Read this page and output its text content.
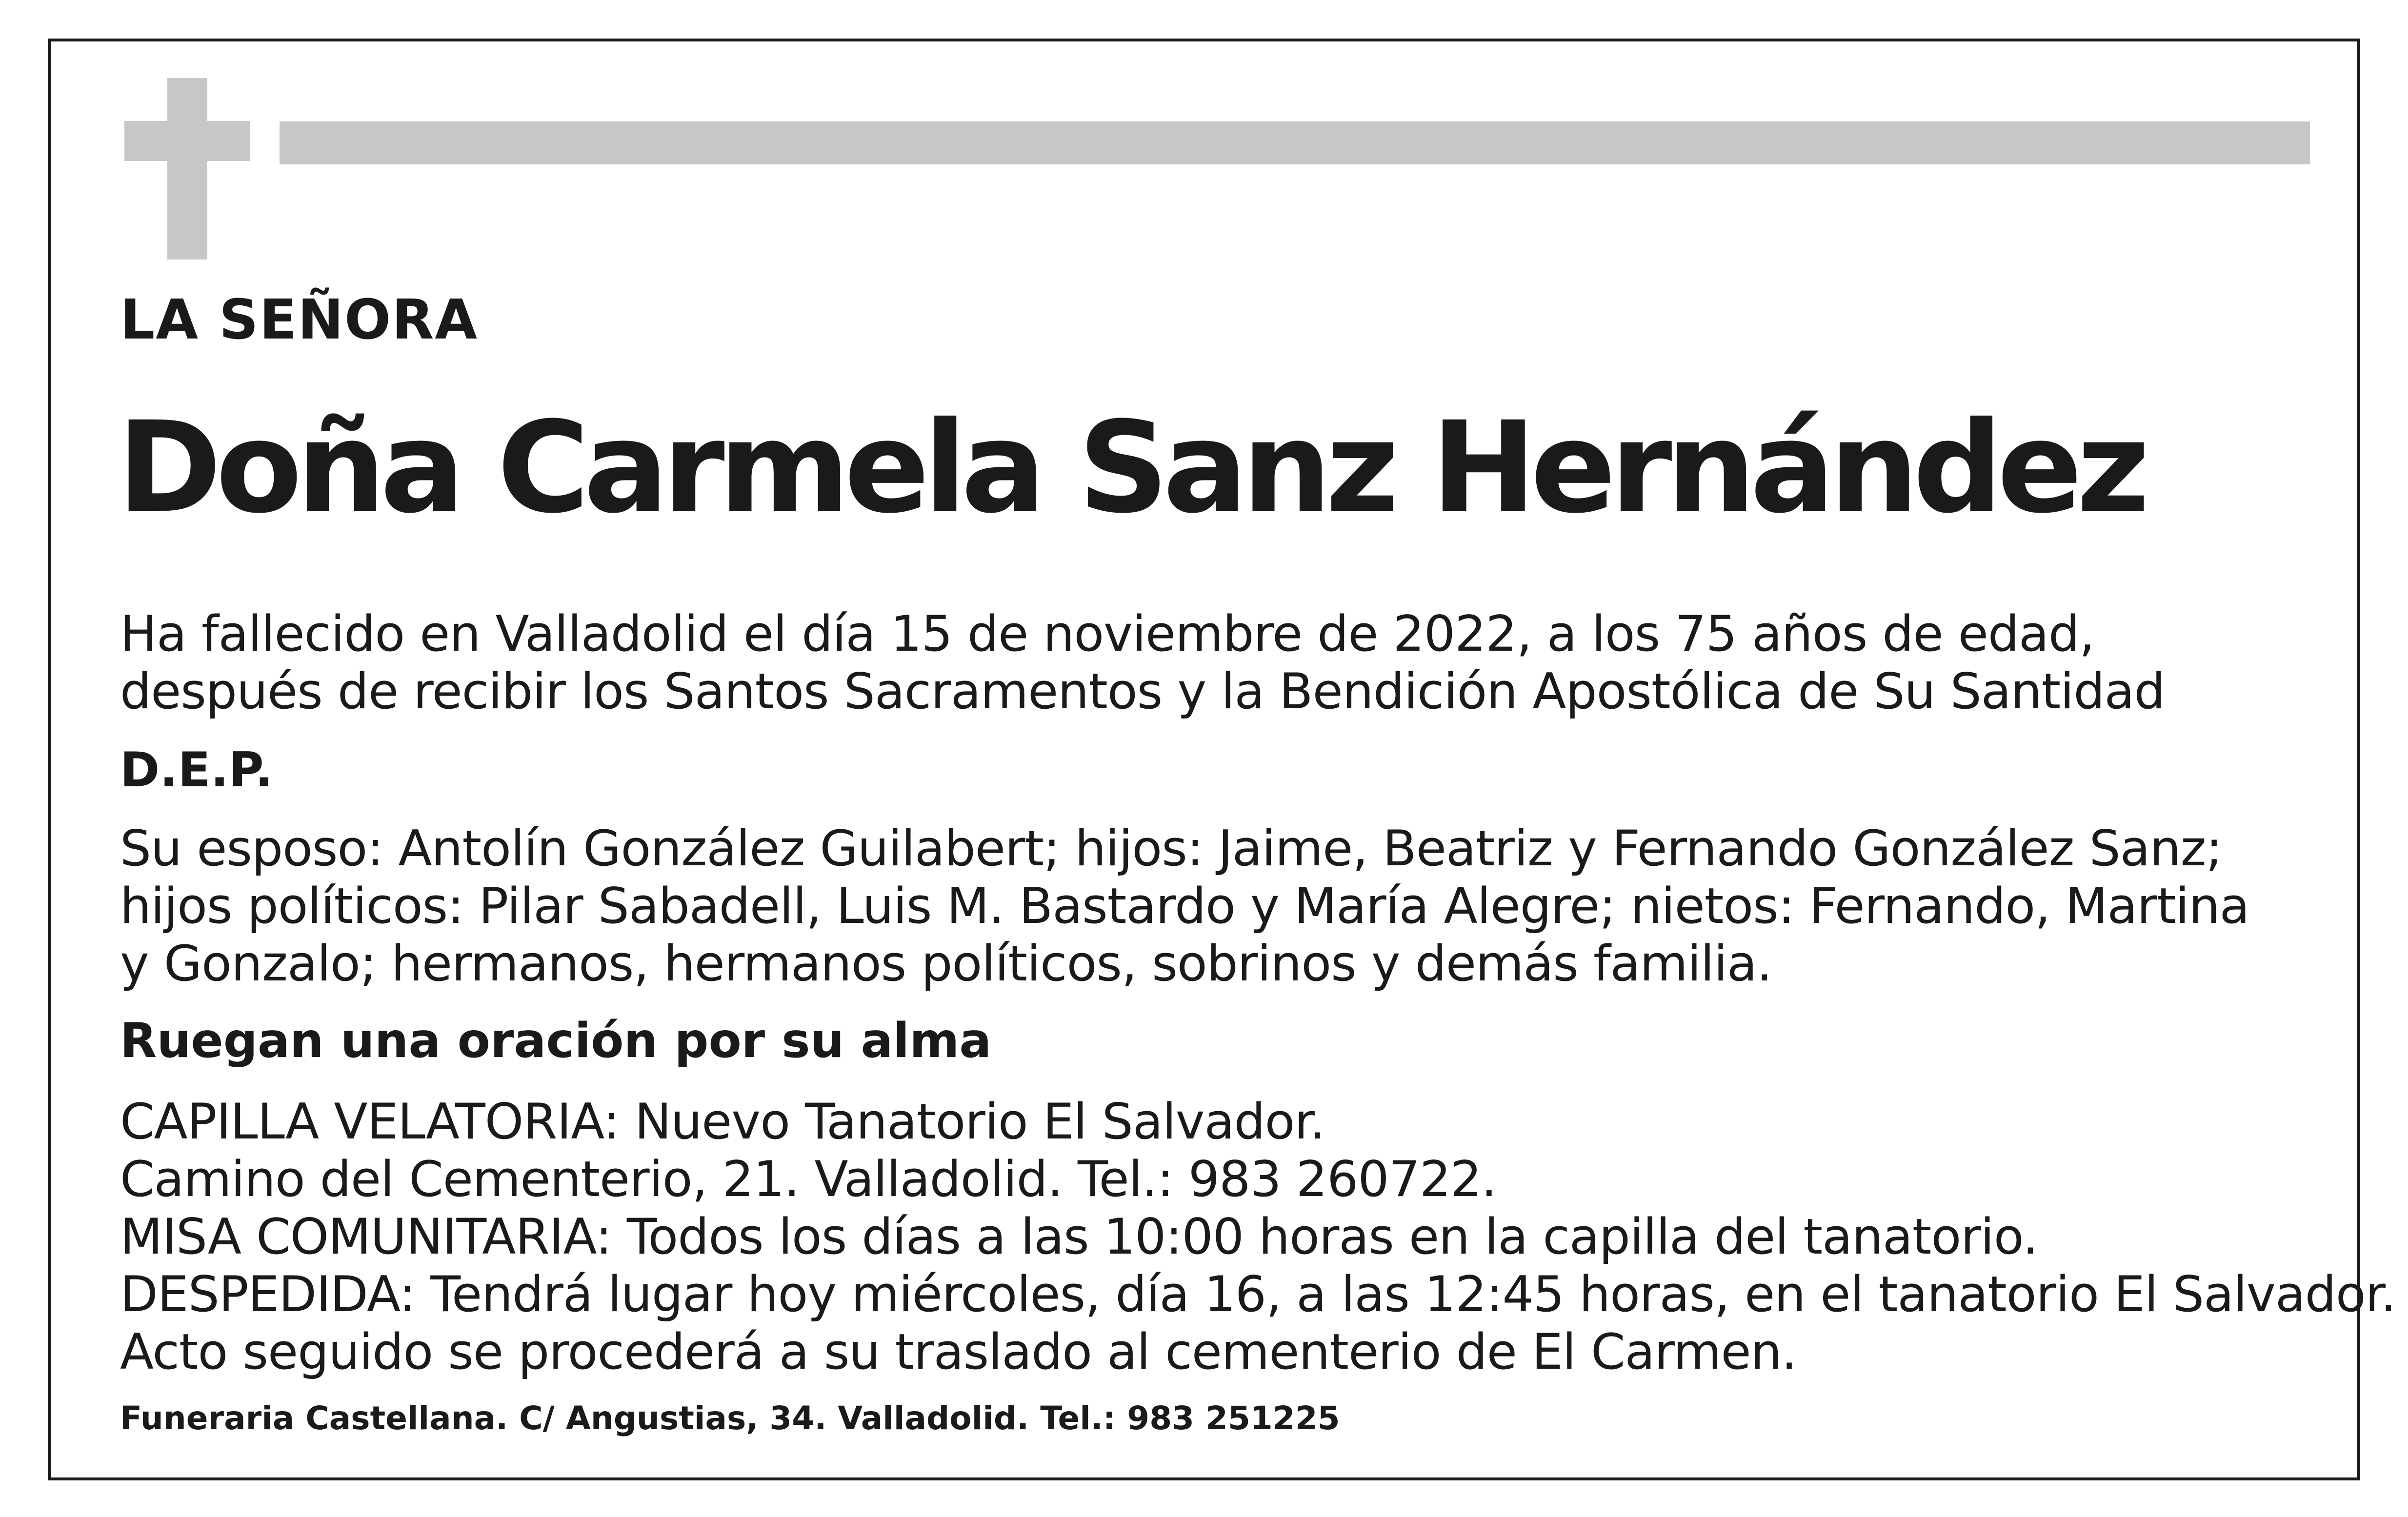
LA SEÑORA
Doña Carmela Sanz Hernández
Ha fallecido en Valladolid el día 15 de noviembre de 2022, a los 75 años de edad,
después de recibir los Santos Sacramentos y la Bendición Apostólica de Su Santidad
D.E.P.
Su esposo: Antolín González Guilabert; hijos: Jaime, Beatriz y Fernando González Sanz;
hijos políticos: Pilar Sabadell, Luis M. Bastardo y María Alegre; nietos: Fernando, Martina
y Gonzalo; hermanos, hermanos políticos, sobrinos y demás familia.
Ruegan una oración por su alma
CAPILLA VELATORIA: Nuevo Tanatorio El Salvador.
Camino del Cementerio, 21. Valladolid. Tel.: 983 260722.
MISA COMUNITARIA: Todos los días a las 10:00 horas en la capilla del tanatorio.
DESPEDIDA: Tendrá lugar hoy miércoles, día 16, a las 12:45 horas, en el tanatorio El Salvador.
Acto seguido se procederá a su traslado al cementerio de El Carmen.
Funeraria Castellana. C/ Angustias, 34. Valladolid. Tel.: 983 251225
